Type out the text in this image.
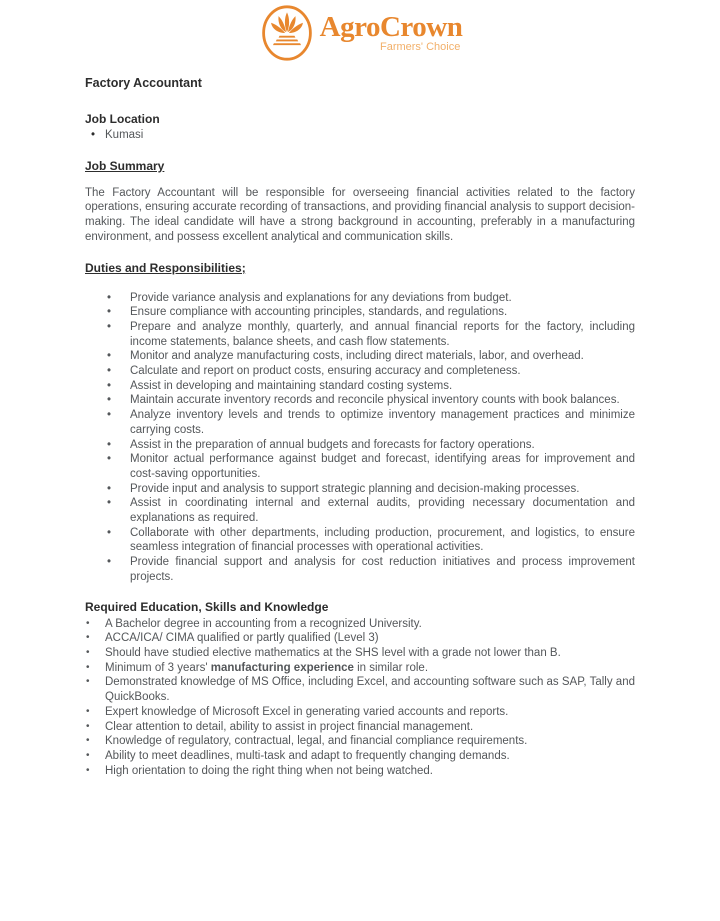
AgroCrown
Farmers' Choice
Factory Accountant
Job Location
• Kumasi
Job Summary

The Factory Accountant will be responsible for overseeing financial activities related to the factory operations, ensuring accurate recording of transactions, and providing financial analysis to support decision-making. The ideal candidate will have a strong background in accounting, preferably in a manufacturing environment, and possess excellent analytical and communication skills.

Duties and Responsibilities;
• Provide variance analysis and explanations for any deviations from budget.
• Ensure compliance with accounting principles, standards, and regulations.
• Prepare and analyze monthly, quarterly, and annual financial reports for the factory, including income statements, balance sheets, and cash flow statements.
• Monitor and analyze manufacturing costs, including direct materials, labor, and overhead.
• Calculate and report on product costs, ensuring accuracy and completeness.
• Assist in developing and maintaining standard costing systems.
• Maintain accurate inventory records and reconcile physical inventory counts with book balances.
• Analyze inventory levels and trends to optimize inventory management practices and minimize carrying costs.
• Assist in the preparation of annual budgets and forecasts for factory operations.
• Monitor actual performance against budget and forecast, identifying areas for improvement and cost-saving opportunities.
• Provide input and analysis to support strategic planning and decision-making processes.
• Assist in coordinating internal and external audits, providing necessary documentation and explanations as required.
• Collaborate with other departments, including production, procurement, and logistics, to ensure seamless integration of financial processes with operational activities.
• Provide financial support and analysis for cost reduction initiatives and process improvement projects.
Required Education, Skills and Knowledge
• A Bachelor degree in accounting from a recognized University.
• ACCA/ICA/ CIMA qualified or partly qualified (Level 3)
• Should have studied elective mathematics at the SHS level with a grade not lower than B.
• Minimum of 3 years' manufacturing experience in similar role.
• Demonstrated knowledge of MS Office, including Excel, and accounting software such as SAP, Tally and QuickBooks.
• Expert knowledge of Microsoft Excel in generating varied accounts and reports.
• Clear attention to detail, ability to assist in project financial management.
• Knowledge of regulatory, contractual, legal, and financial compliance requirements.
• Ability to meet deadlines, multi-task and adapt to frequently changing demands.
• High orientation to doing the right thing when not being watched.
